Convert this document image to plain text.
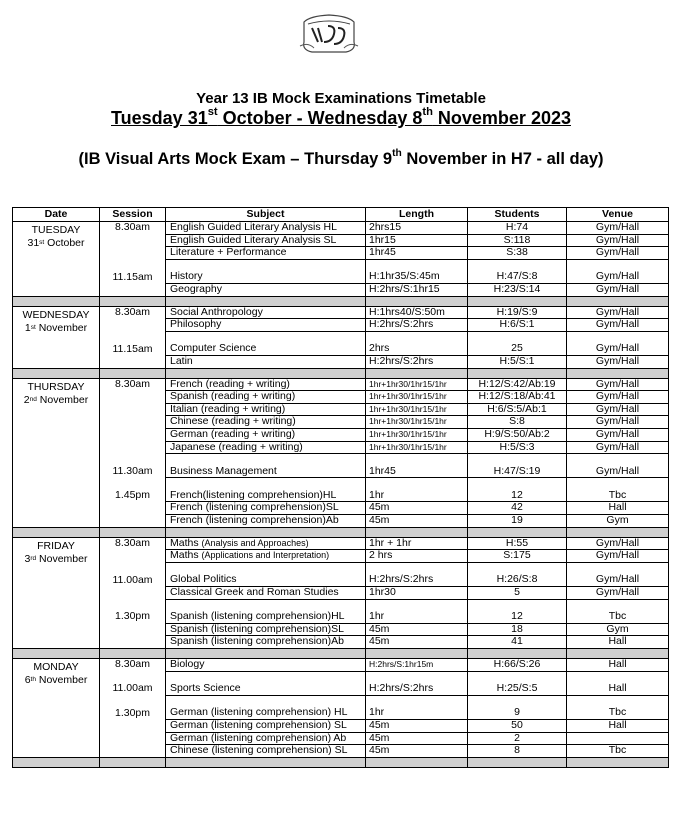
Year 13 IB Mock Examinations Timetable
Tuesday 31st October - Wednesday 8th November 2023
(IB Visual Arts Mock Exam – Thursday 9th November in H7 - all day)
Date	Session	Subject	Length	Students	Venue

TUESDAY
31st October	8.30am	English Guided Literary Analysis HL	2hrs15	H:74	Gym/Hall
		English Guided Literary Analysis SL	1hr15	S:118	Gym/Hall
		Literature + Performance	1hr45	S:38	Gym/Hall

	11.15am	History	H:1hr35/S:45m	H:47/S:8	Gym/Hall
		Geography	H:2hrs/S:1hr15	H:23/S:14	Gym/Hall

WEDNESDAY
1st November	8.30am	Social Anthropology	H:1hrs40/S:50m	H:19/S:9	Gym/Hall
		Philosophy	H:2hrs/S:2hrs	H:6/S:1	Gym/Hall

	11.15am	Computer Science	2hrs	25	Gym/Hall
		Latin	H:2hrs/S:2hrs	H:5/S:1	Gym/Hall

THURSDAY
2nd November	8.30am	French (reading + writing)	1hr+1hr30/1hr15/1hr	H:12/S:42/Ab:19	Gym/Hall
		Spanish (reading + writing)	1hr+1hr30/1hr15/1hr	H:12/S:18/Ab:41	Gym/Hall
		Italian (reading + writing)	1hr+1hr30/1hr15/1hr	H:6/S:5/Ab:1	Gym/Hall
		Chinese (reading + writing)	1hr+1hr30/1hr15/1hr	S:8	Gym/Hall
		German (reading + writing)	1hr+1hr30/1hr15/1hr	H:9/S:50/Ab:2	Gym/Hall
		Japanese (reading + writing)	1hr+1hr30/1hr15/1hr	H:5/S:3	Gym/Hall

	11.30am	Business Management	1hr45	H:47/S:19	Gym/Hall

	1.45pm	French(listening comprehension)HL	1hr	12	Tbc
		French (listening comprehension)SL	45m	42	Hall
		French (listening comprehension)Ab	45m	19	Gym

FRIDAY
3rd November	8.30am	Maths (Analysis and Approaches)	1hr + 1hr	H:55	Gym/Hall
		Maths (Applications and Interpretation)	2 hrs	S:175	Gym/Hall

	11.00am	Global Politics	H:2hrs/S:2hrs	H:26/S:8	Gym/Hall
		Classical Greek and Roman Studies	1hr30	5	Gym/Hall

	1.30pm	Spanish (listening comprehension)HL	1hr	12	Tbc
		Spanish (listening comprehension)SL	45m	18	Gym
		Spanish (listening comprehension)Ab	45m	41	Hall

MONDAY
6th November	8.30am	Biology	H:2hrs/S:1hr15m	H:66/S:26	Hall

	11.00am	Sports Science	H:2hrs/S:2hrs	H:25/S:5	Hall

	1.30pm	German (listening comprehension) HL	1hr	9	Tbc
		German (listening comprehension) SL	45m	50	Hall
		German (listening comprehension) Ab	45m	2	
		Chinese (listening comprehension) SL	45m	8	Tbc
